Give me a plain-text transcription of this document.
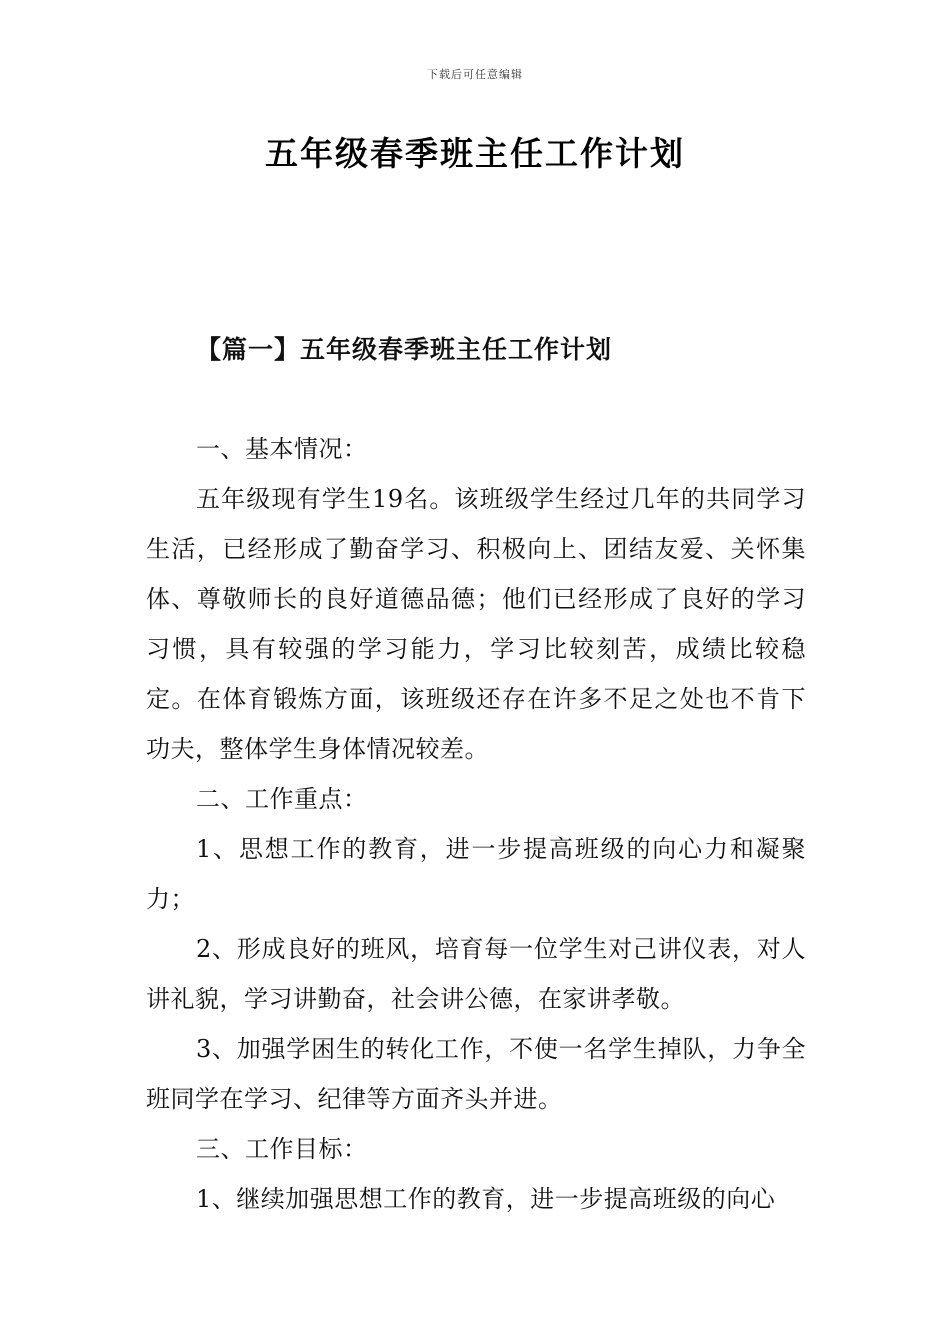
下载后可任意编辑
五年级春季班主任工作计划
【篇一】五年级春季班主任工作计划

一、基本情况：

五年级现有学生19名。该班级学生经过几年的共同学习生活，已经形成了勤奋学习、积极向上、团结友爱、关怀集体、尊敬师长的良好道德品德；他们已经形成了良好的学习习惯，具有较强的学习能力，学习比较刻苦，成绩比较稳定。在体育锻炼方面，该班级还存在许多不足之处也不肯下功夫，整体学生身体情况较差。

二、工作重点：

1、思想工作的教育，进一步提高班级的向心力和凝聚力；

2、形成良好的班风，培育每一位学生对己讲仪表，对人讲礼貌，学习讲勤奋，社会讲公德，在家讲孝敬。

3、加强学困生的转化工作，不使一名学生掉队，力争全班同学在学习、纪律等方面齐头并进。

三、工作目标：

1、继续加强思想工作的教育，进一步提高班级的向心
